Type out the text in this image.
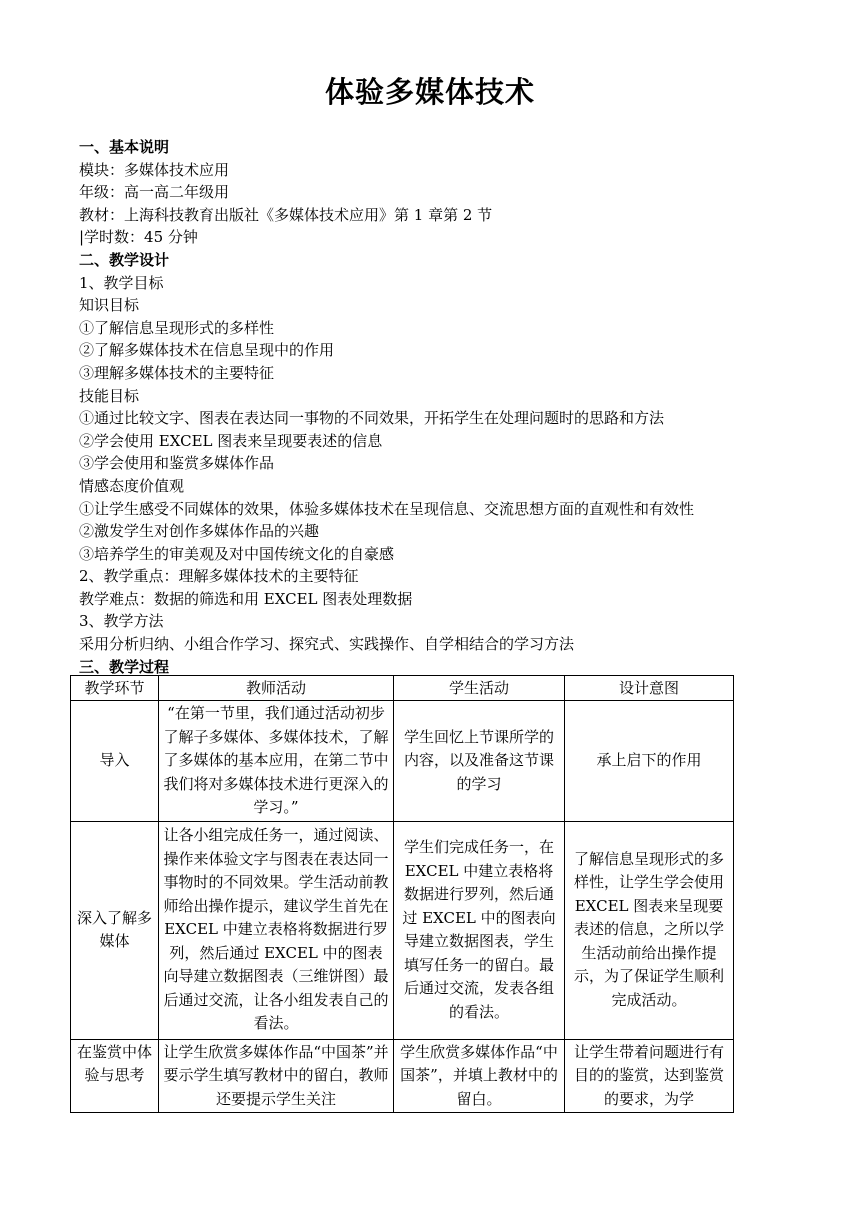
体验多媒体技术
一、基本说明
模块：多媒体技术应用
年级：高一高二年级用
教材：上海科技教育出版社《多媒体技术应用》第 1 章第 2 节
|学时数：45 分钟
二、教学设计
1、教学目标
知识目标
①了解信息呈现形式的多样性
②了解多媒体技术在信息呈现中的作用
③理解多媒体技术的主要特征
技能目标
①通过比较文字、图表在表达同一事物的不同效果，开拓学生在处理问题时的思路和方法
②学会使用 EXCEL 图表来呈现要表述的信息
③学会使用和鉴赏多媒体作品
情感态度价值观
①让学生感受不同媒体的效果，体验多媒体技术在呈现信息、交流思想方面的直观性和有效性
②激发学生对创作多媒体作品的兴趣
③培养学生的审美观及对中国传统文化的自豪感
2、教学重点：理解多媒体技术的主要特征
教学难点：数据的筛选和用 EXCEL 图表处理数据
3、教学方法
采用分析归纳、小组合作学习、探究式、实践操作、自学相结合的学习方法
三、教学过程
教学环节	教师活动	学生活动	设计意图
导入	“在第一节里，我们通过活动初步了解子多媒体、多媒体技术，了解了多媒体的基本应用，在第二节中我们将对多媒体技术进行更深入的学习。”	学生回忆上节课所学的内容，以及准备这节课的学习	承上启下的作用
深入了解多媒体	让各小组完成任务一，通过阅读、操作来体验文字与图表在表达同一事物时的不同效果。学生活动前教师给出操作提示，建议学生首先在 EXCEL 中建立表格将数据进行罗列，然后通过 EXCEL 中的图表向导建立数据图表（三维饼图）最后通过交流，让各小组发表自己的看法。	学生们完成任务一，在 EXCEL 中建立表格将数据进行罗列，然后通过 EXCEL 中的图表向导建立数据图表，学生填写任务一的留白。最后通过交流，发表各组的看法。	了解信息呈现形式的多样性，让学生学会使用 EXCEL 图表来呈现要表述的信息，之所以学生活动前给出操作提示，为了保证学生顺利完成活动。
在鉴赏中体验与思考	让学生欣赏多媒体作品“中国茶”并要示学生填写教材中的留白，教师还要提示学生关注	学生欣赏多媒体作品“中国茶”，并填上教材中的留白。	让学生带着问题进行有目的的鉴赏，达到鉴赏的要求，为学
